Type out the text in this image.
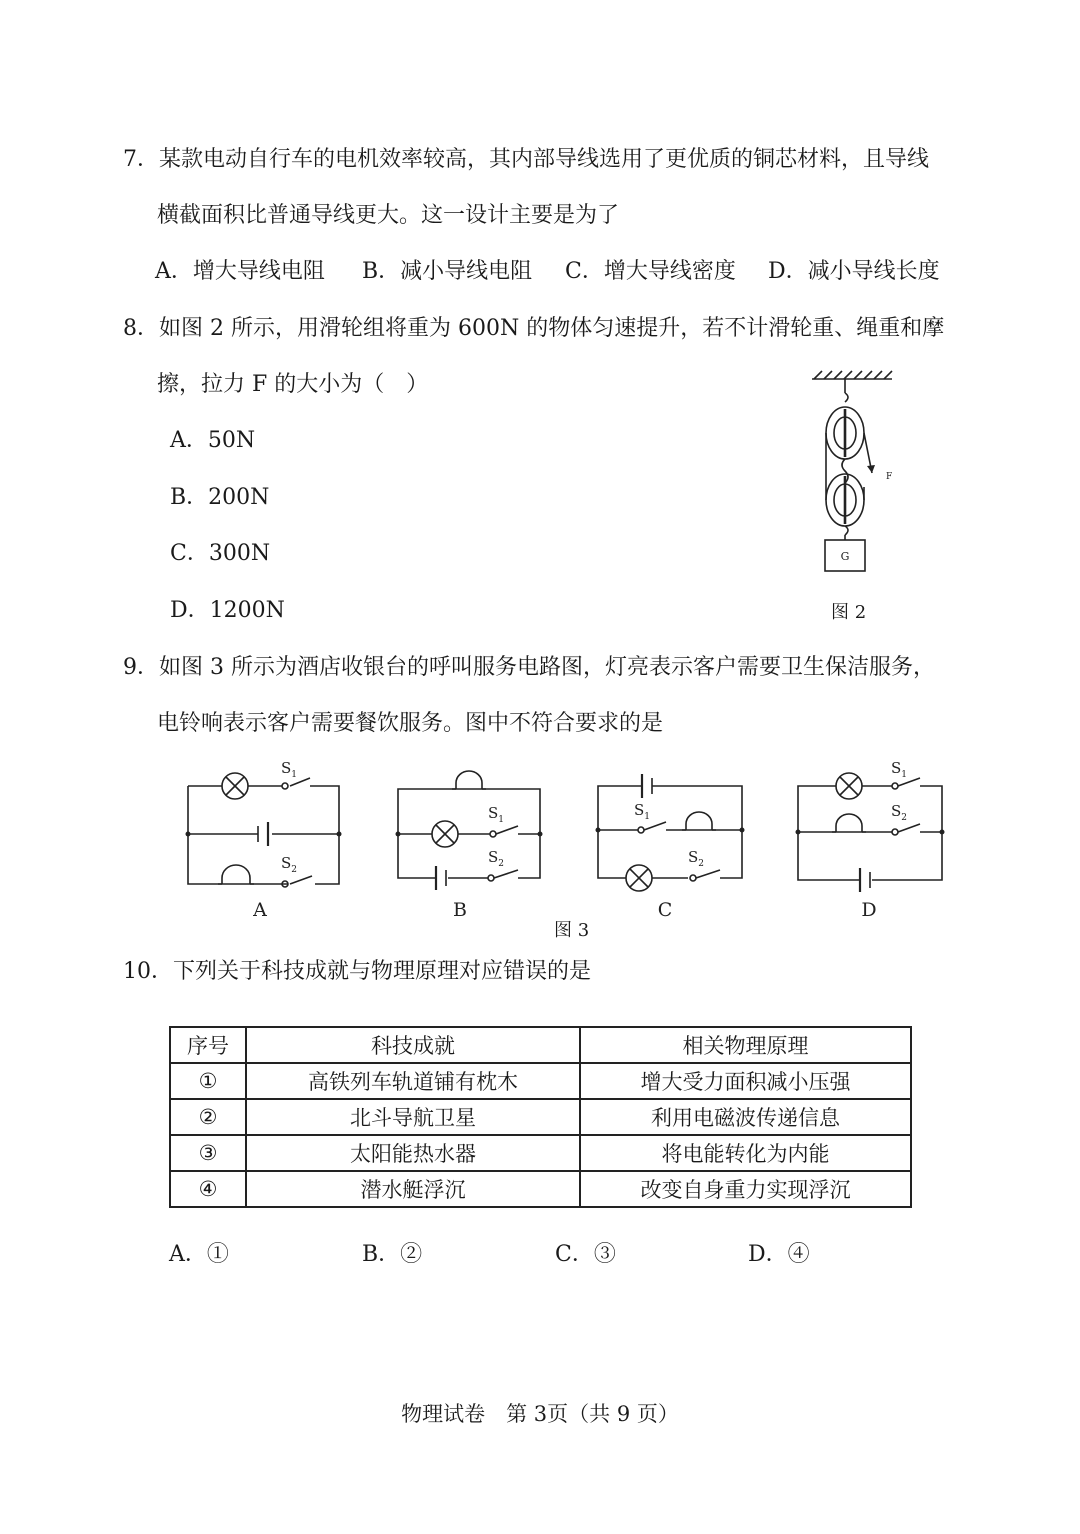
7．某款电动自行车的电机效率较高，其内部导线选用了更优质的铜芯材料，且导线
横截面积比普通导线更大。这一设计主要是为了
A．增大导线电阻 B．减小导线电阻 C．增大导线密度 D．减小导线长度
8．如图 2 所示，用滑轮组将重为 600N 的物体匀速提升，若不计滑轮重、绳重和摩
擦，拉力 F 的大小为（　）
A．50N
B．200N
C．300N
D．1200N
F
G
图 2
9．如图 3 所示为酒店收银台的呼叫服务电路图，灯亮表示客户需要卫生保洁服务，
电铃响表示客户需要餐饮服务。图中不符合要求的是
$S_1$
$S_2$
A
$S_1$
$S_2$
B
$S_1$
$S_2$
C
$S_1$
$S_2$
D
图 3
10．下列关于科技成就与物理原理对应错误的是
序号	科技成就	相关物理原理
①	高铁列车轨道铺有枕木	增大受力面积减小压强
②	北斗导航卫星	利用电磁波传递信息
③	太阳能热水器	将电能转化为内能
④	潜水艇浮沉	改变自身重力实现浮沉
A．①	B．②	C．③	D．④
物理试卷　第 3页（共 9 页）
